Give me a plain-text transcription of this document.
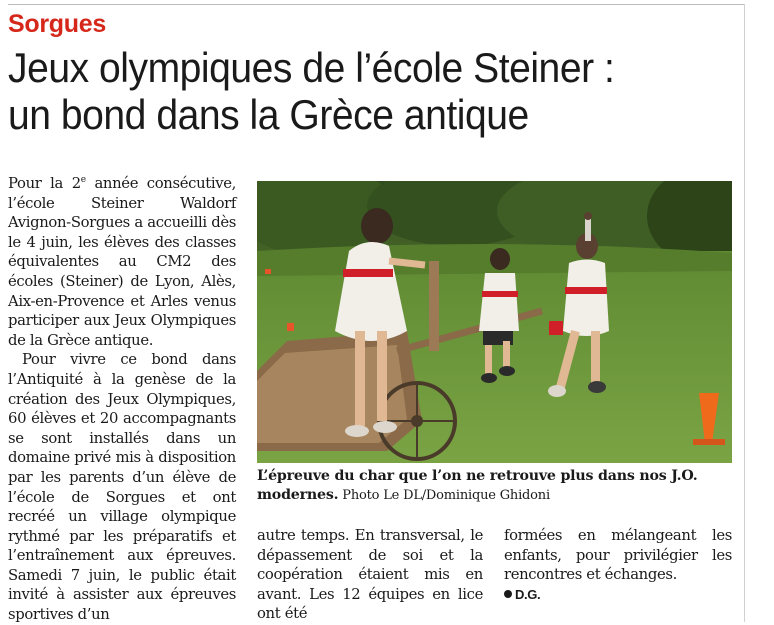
Sorgues
Jeux olympiques de l’école Steiner :
un bond dans la Grèce antique

Pour la 2e année consécutive, l’école Steiner Waldorf Avignon-Sorgues a accueilli dès le 4 juin, les élèves des classes équivalentes au CM2 des écoles (Steiner) de Lyon, Alès, Aix-en-Provence et Arles venus participer aux Jeux Olympiques de la Grèce antique.

Pour vivre ce bond dans l’Antiquité à la genèse de la création des Jeux Olympiques, 60 élèves et 20 accompagnants se sont installés dans un domaine privé mis à disposition par les parents d’un élève de l’école de Sorgues et ont recréé un village olympique rythmé par les préparatifs et l’entraînement aux épreuves. Samedi 7 juin, le public était invité à assister aux épreuves sportives d’un

L’épreuve du char que l’on ne retrouve plus dans nos J.O. modernes. Photo Le DL/Dominique Ghidoni

autre temps. En transversal, le dépassement de soi et la coopération étaient mis en avant. Les 12 équipes en lice ont été

formées en mélangeant les enfants, pour privilégier les rencontres et échanges.

D.G.
